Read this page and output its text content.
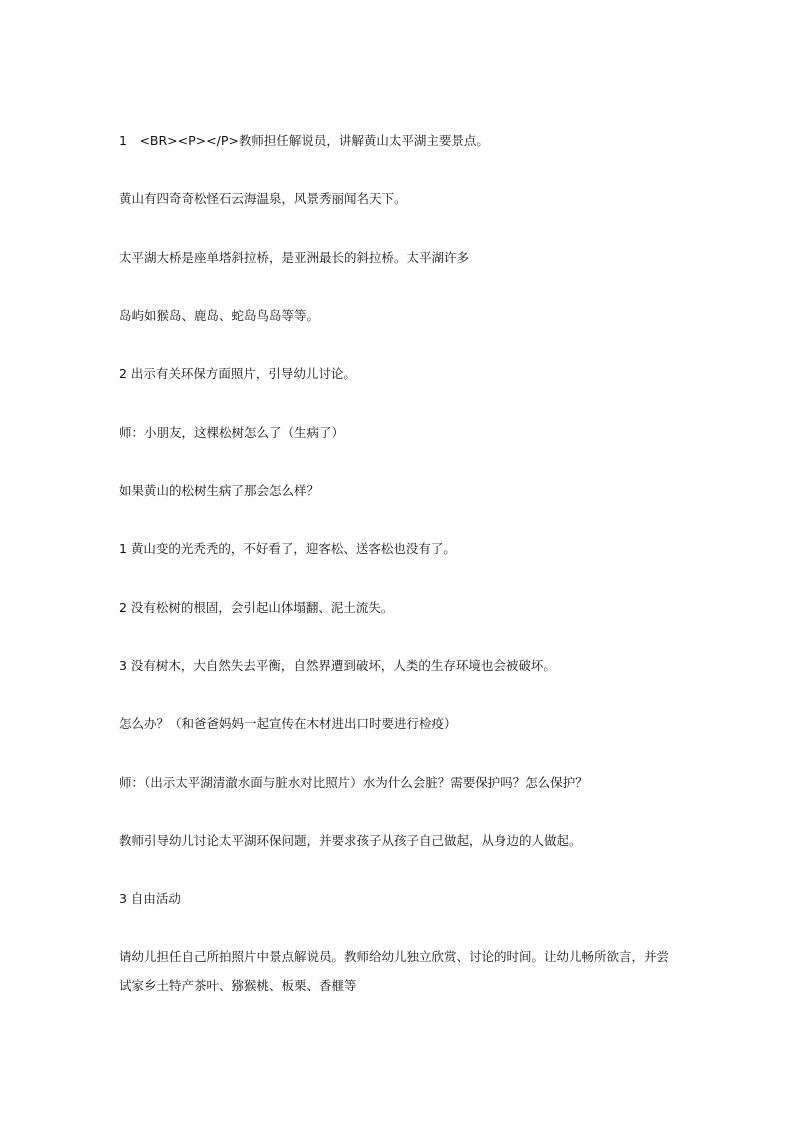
1　<BR><P></P>教师担任解说员，讲解黄山太平湖主要景点。
黄山有四奇奇松怪石云海温泉，风景秀丽闻名天下。
太平湖大桥是座单塔斜拉桥，是亚洲最长的斜拉桥。太平湖许多
岛屿如猴岛、鹿岛、蛇岛鸟岛等等。
2 出示有关环保方面照片，引导幼儿讨论。
师：小朋友，这棵松树怎么了（生病了）
如果黄山的松树生病了那会怎么样？
1 黄山变的光秃秃的，不好看了，迎客松、送客松也没有了。
2 没有松树的根固，会引起山体塌翻、泥土流失。
3 没有树木，大自然失去平衡，自然界遭到破坏，人类的生存环境也会被破坏。
怎么办？（和爸爸妈妈一起宣传在木材进出口时要进行检疫）
师：（出示太平湖清澈水面与脏水对比照片）水为什么会脏？需要保护吗？怎么保护？
教师引导幼儿讨论太平湖环保问题，并要求孩子从孩子自己做起，从身边的人做起。
3 自由活动
请幼儿担任自己所拍照片中景点解说员。教师给幼儿独立欣赏、讨论的时间。让幼儿畅所欲言，并尝试家乡土特产茶叶、猕猴桃、板栗、香榧等
